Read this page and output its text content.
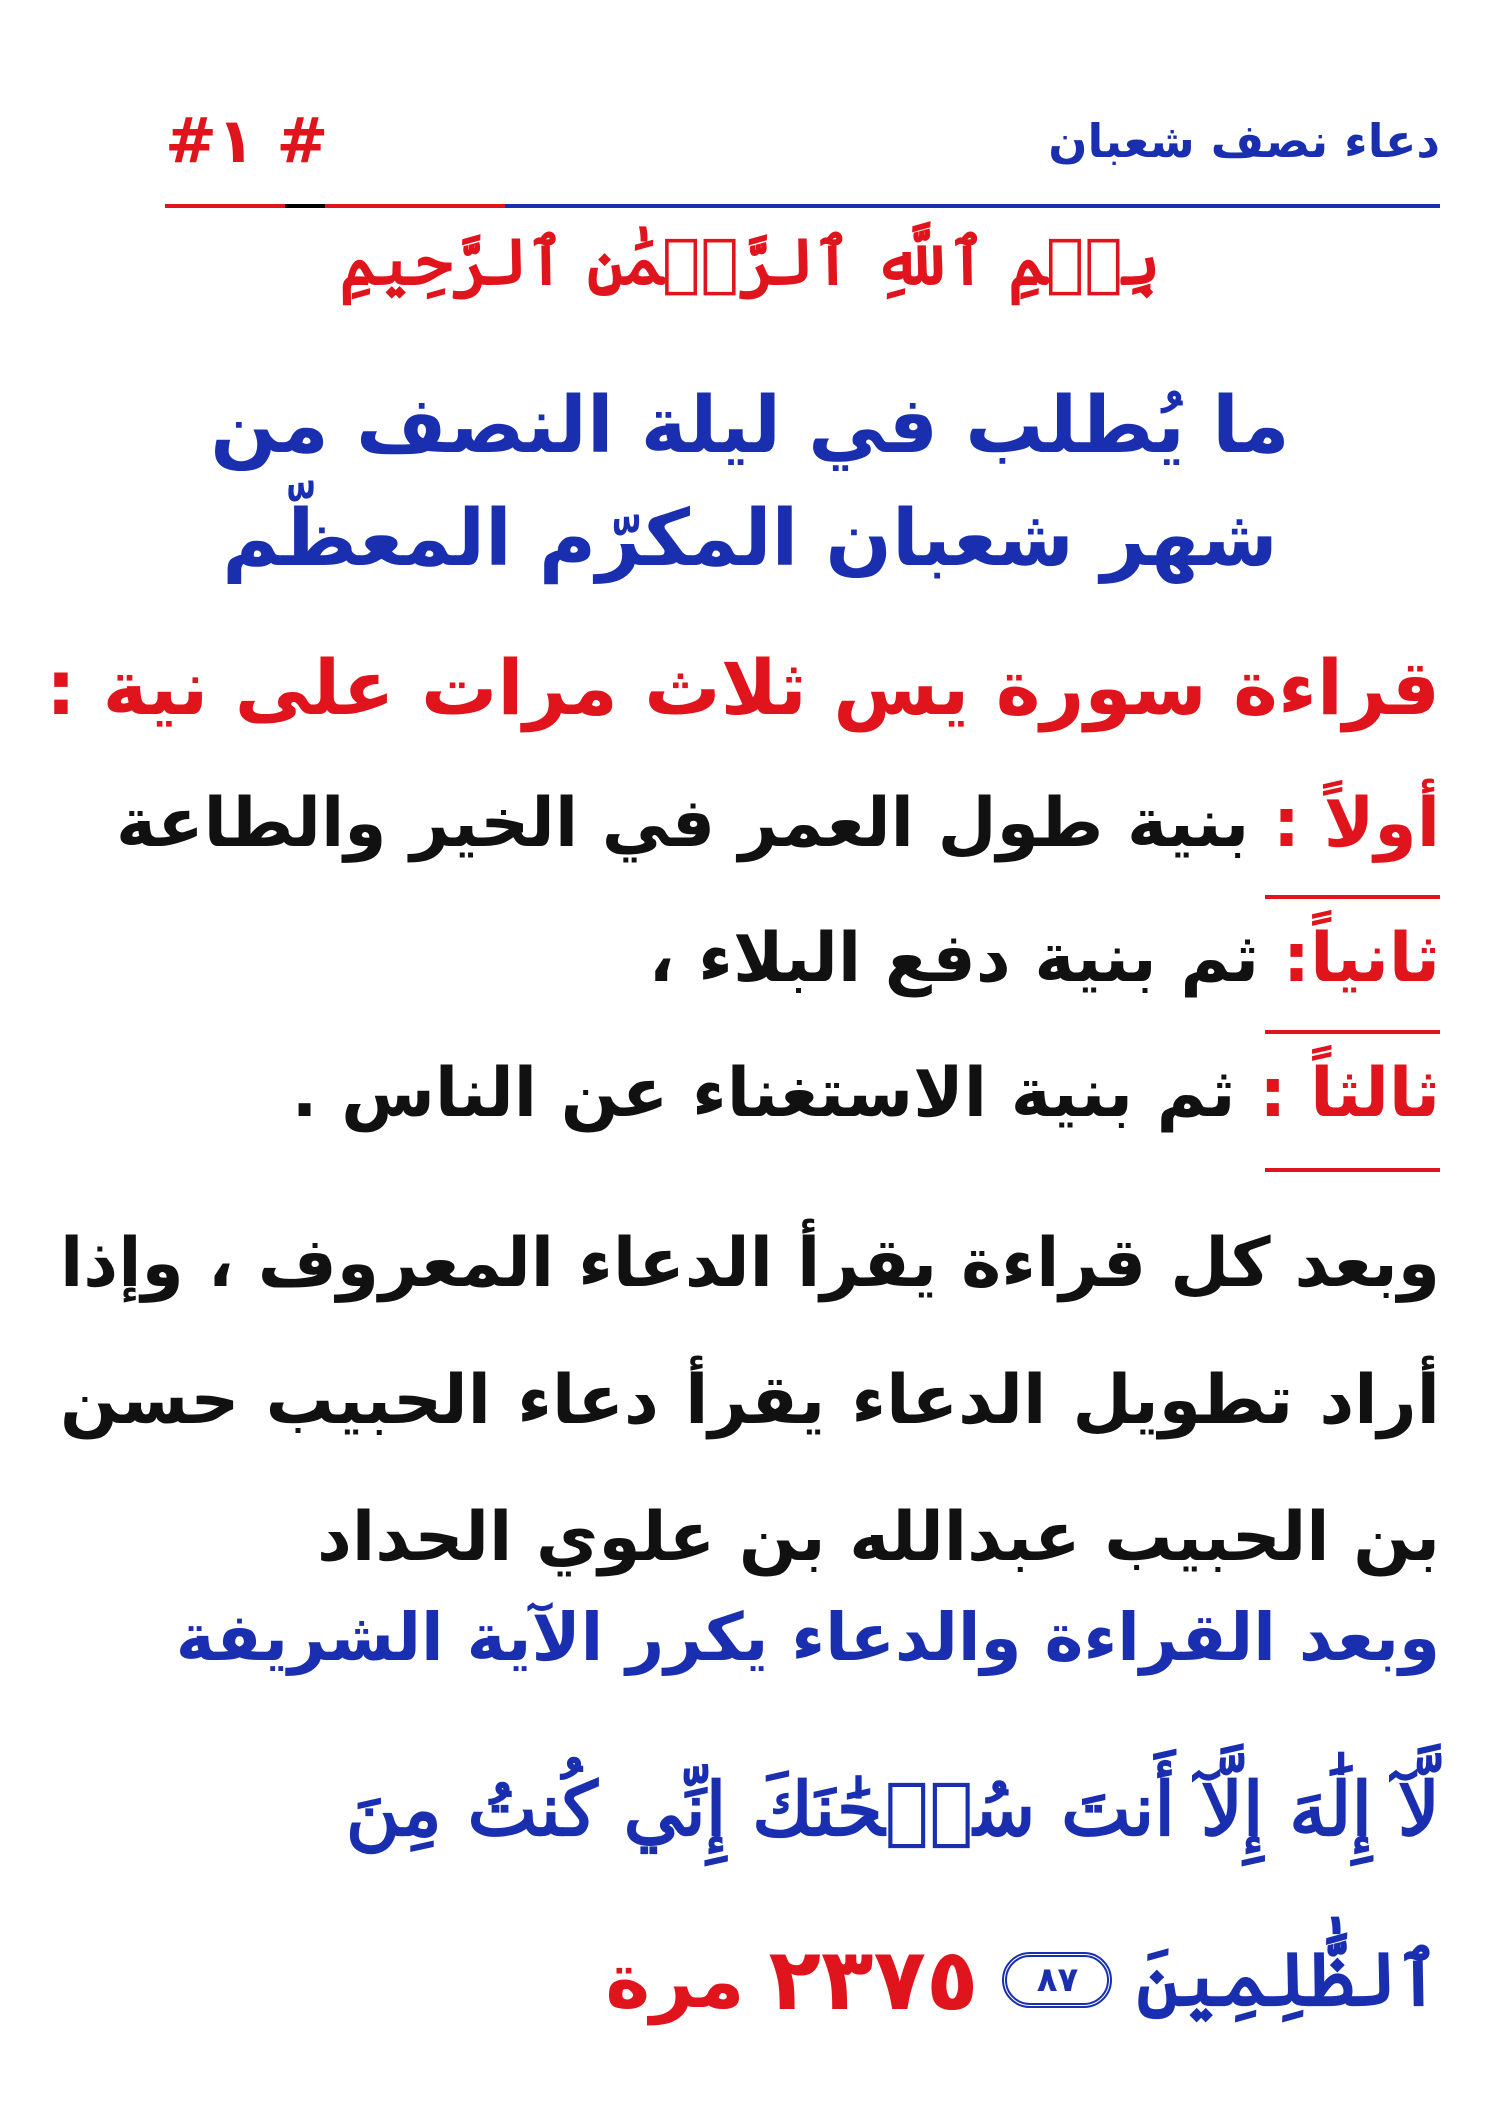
دعاء نصف شعبان
#١ #
بِسۡمِ ٱللَّهِ ٱلرَّحۡمَٰنِ ٱلرَّحِيمِ
ما يُطلب في ليلة النصف من شهر شعبان المكرّم المعظّم
قراءة سورة يس ثلاث مرات على نية :
أولاً : بنية طول العمر في الخير والطاعة
ثانياً: ثم بنية دفع البلاء ،
ثالثاً : ثم بنية الاستغناء عن الناس .
وبعد كل قراءة يقرأ الدعاء المعروف ، وإذا أراد تطويل الدعاء يقرأ دعاء الحبيب حسن بن الحبيب عبدالله بن علوي الحداد
وبعد القراءة والدعاء يكرر الآية الشريفة
لَّآ إِلَٰهَ إِلَّآ أَنتَ سُبۡحَٰنَكَ إِنِّي كُنتُ مِنَ
ٱلظَّٰلِمِينَ
٨٧
٢٣٧٥
مرة
